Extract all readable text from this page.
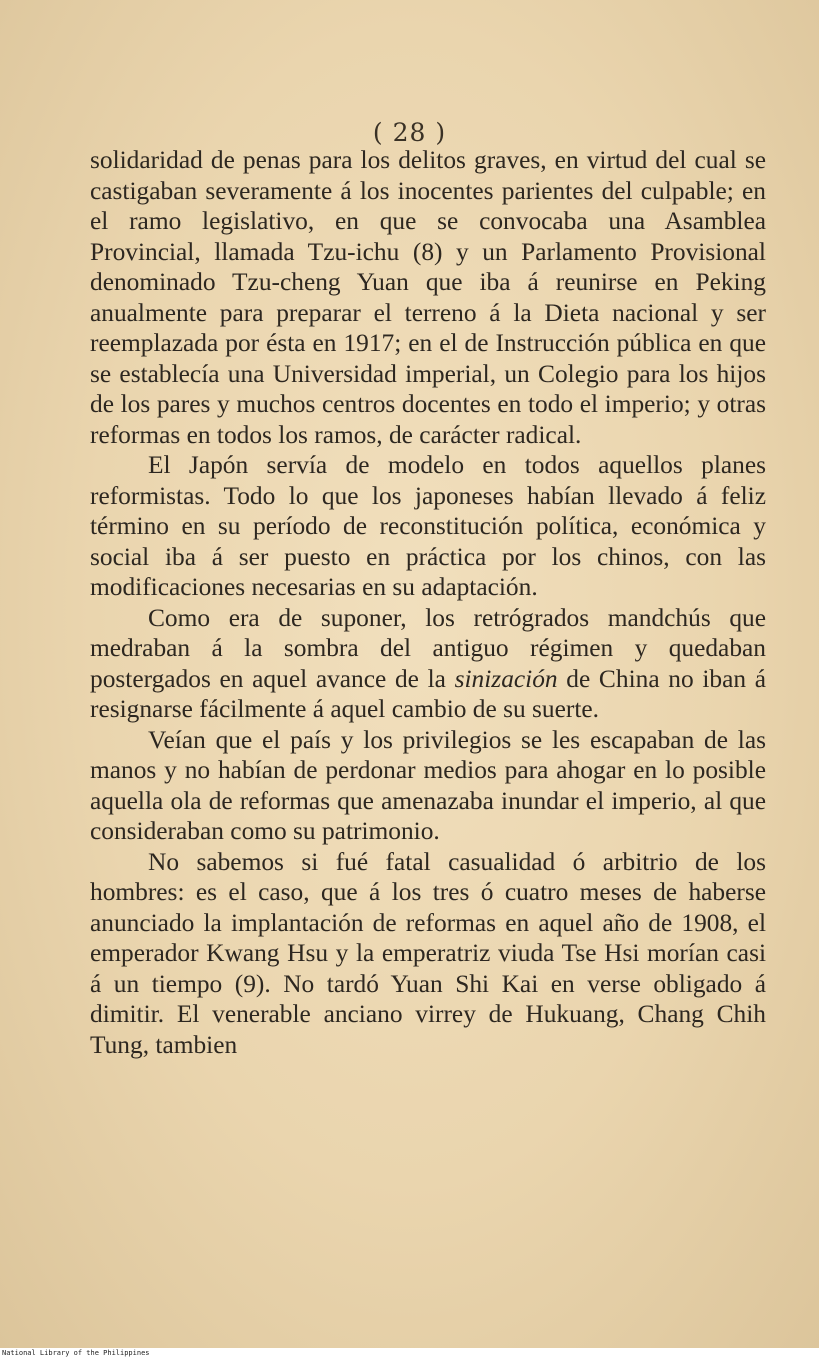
( 28 )

solidaridad de penas para los delitos graves, en virtud del cual se castigaban severamente á los inocentes parientes del culpable; en el ramo legislativo, en que se convocaba una Asamblea Provincial, llamada Tzu-ichu (8) y un Parlamento Provisional denominado Tzu-cheng Yuan que iba á reunirse en Peking anualmente para preparar el terreno á la Dieta nacional y ser reemplazada por ésta en 1917; en el de Instrucción pública en que se establecía una Universidad imperial, un Colegio para los hijos de los pares y muchos centros docentes en todo el imperio; y otras reformas en todos los ramos, de carácter radical.

El Japón servía de modelo en todos aquellos planes reformistas. Todo lo que los japoneses habían llevado á feliz término en su período de reconstitución política, económica y social iba á ser puesto en práctica por los chinos, con las modificaciones necesarias en su adaptación.

Como era de suponer, los retrógrados mandchús que medraban á la sombra del antiguo régimen y quedaban postergados en aquel avance de la sinización de China no iban á resignarse fácilmente á aquel cambio de su suerte.

Veían que el país y los privilegios se les escapaban de las manos y no habían de perdonar medios para ahogar en lo posible aquella ola de reformas que amenazaba inundar el imperio, al que consideraban como su patrimonio.

No sabemos si fué fatal casualidad ó arbitrio de los hombres: es el caso, que á los tres ó cuatro meses de haberse anunciado la implantación de reformas en aquel año de 1908, el emperador Kwang Hsu y la emperatriz viuda Tse Hsi morían casi á un tiempo (9). No tardó Yuan Shi Kai en verse obligado á dimitir. El venerable anciano virrey de Hukuang, Chang Chih Tung, tambien

National Library of the Philippines
